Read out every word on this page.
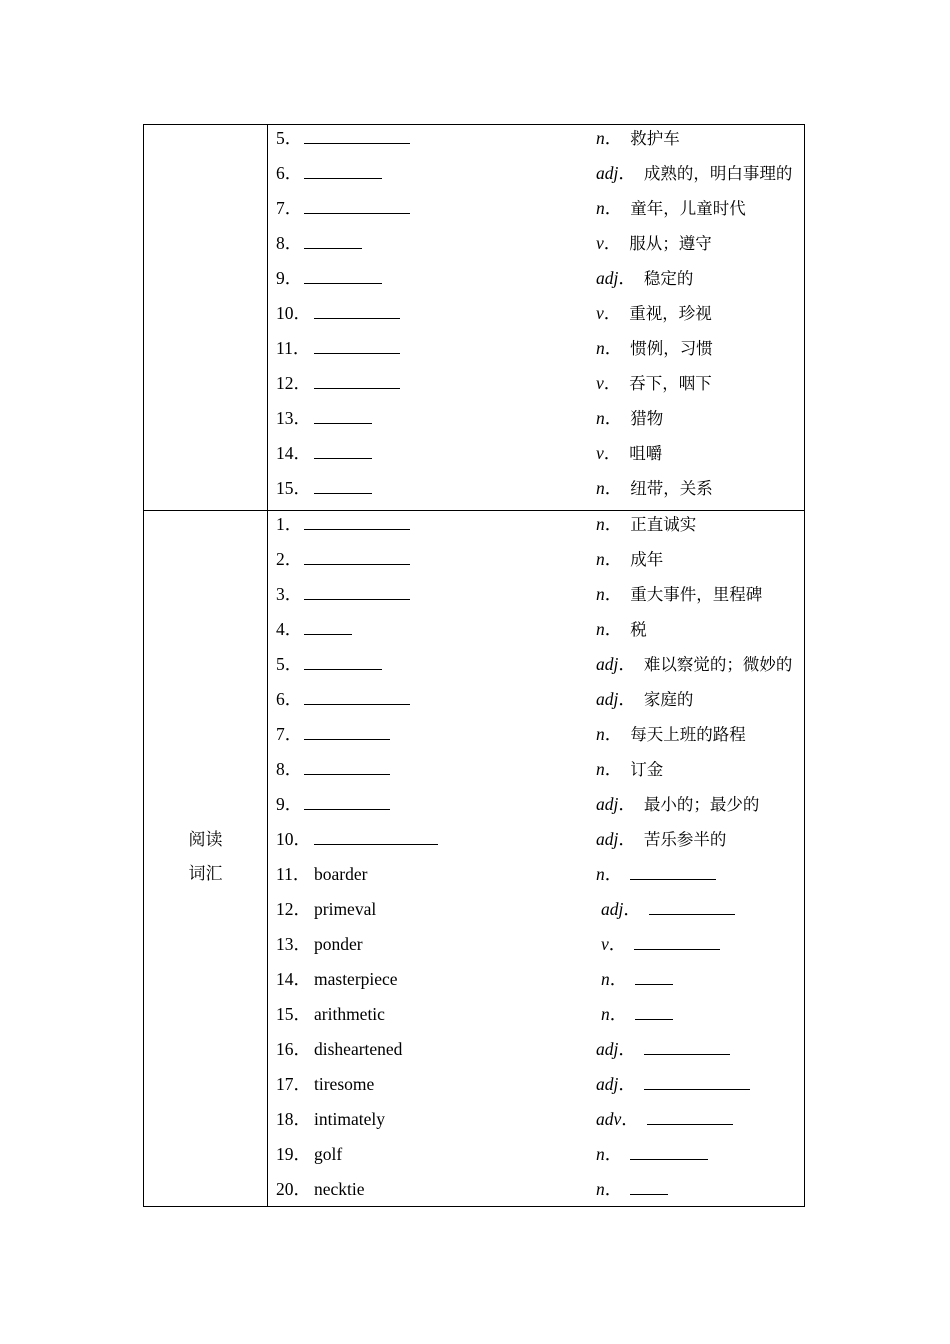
5．	n． 救护车
6．	adj． 成熟的，明白事理的
7．	n． 童年，儿童时代
8．	v． 服从；遵守
9．	adj． 稳定的
10．	v． 重视，珍视
11．	n． 惯例，习惯
12．	v． 吞下，咽下
13．	n． 猎物
14．	v． 咀嚼
15．	n． 纽带，关系
阅读
词汇
1．	n． 正直诚实
2．	n． 成年
3．	n． 重大事件，里程碑
4．	n． 税
5．	adj． 难以察觉的；微妙的
6．	adj． 家庭的
7．	n． 每天上班的路程
8．	n． 订金
9．	adj． 最小的；最少的
10．	adj． 苦乐参半的
11． boarder	n．
12． primeval	adj．
13． ponder	v．
14． masterpiece	n．
15． arithmetic	n．
16． disheartened	adj．
17． tiresome	adj．
18． intimately	adv．
19． golf	n．
20． necktie	n．
